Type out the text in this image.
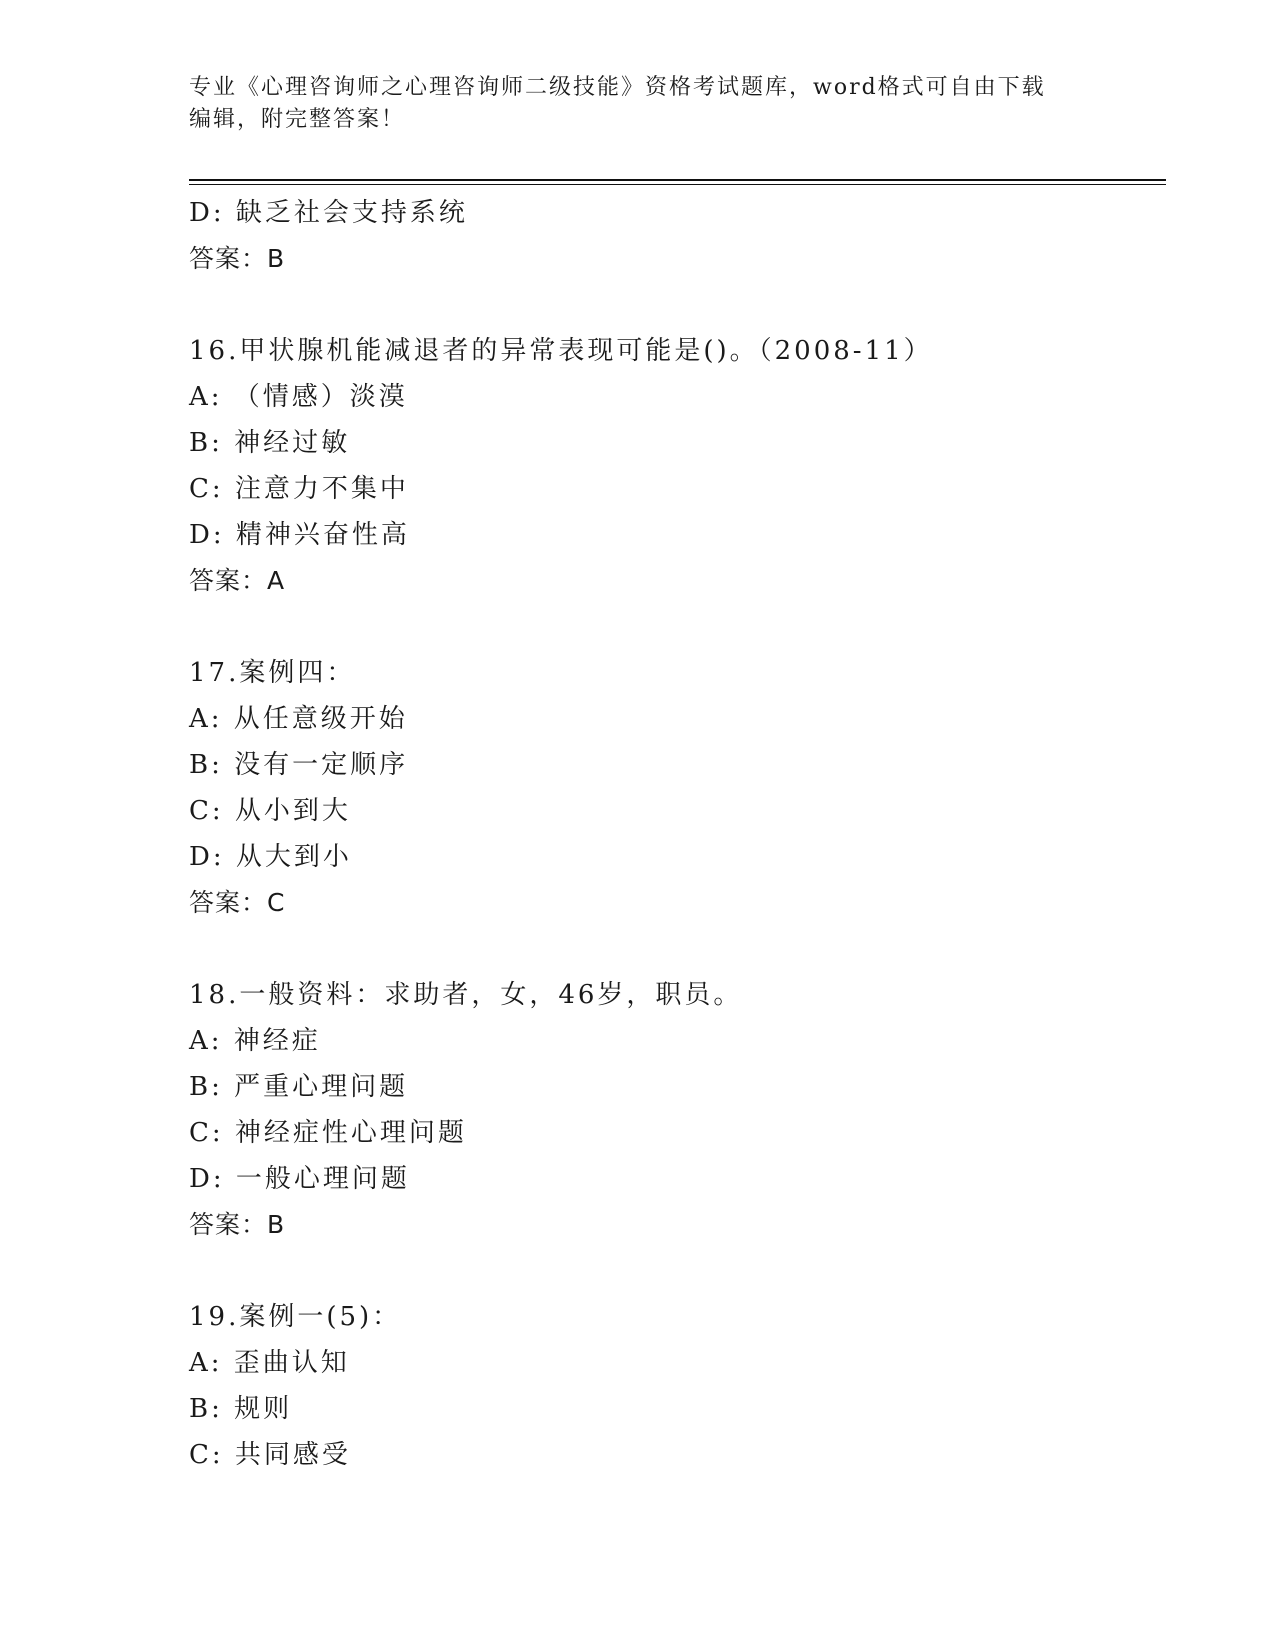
专业《心理咨询师之心理咨询师二级技能》资格考试题库，word格式可自由下载
编辑，附完整答案！
D: 缺乏社会支持系统
答案：B
16.甲状腺机能减退者的异常表现可能是()。（2008-11）
A: （情感）淡漠
B: 神经过敏
C: 注意力不集中
D: 精神兴奋性高
答案：A
17.案例四：
A: 从任意级开始
B: 没有一定顺序
C: 从小到大
D: 从大到小
答案：C
18.一般资料：求助者，女，46岁，职员。
A: 神经症
B: 严重心理问题
C: 神经症性心理问题
D: 一般心理问题
答案：B
19.案例一(5)：
A: 歪曲认知
B: 规则
C: 共同感受
